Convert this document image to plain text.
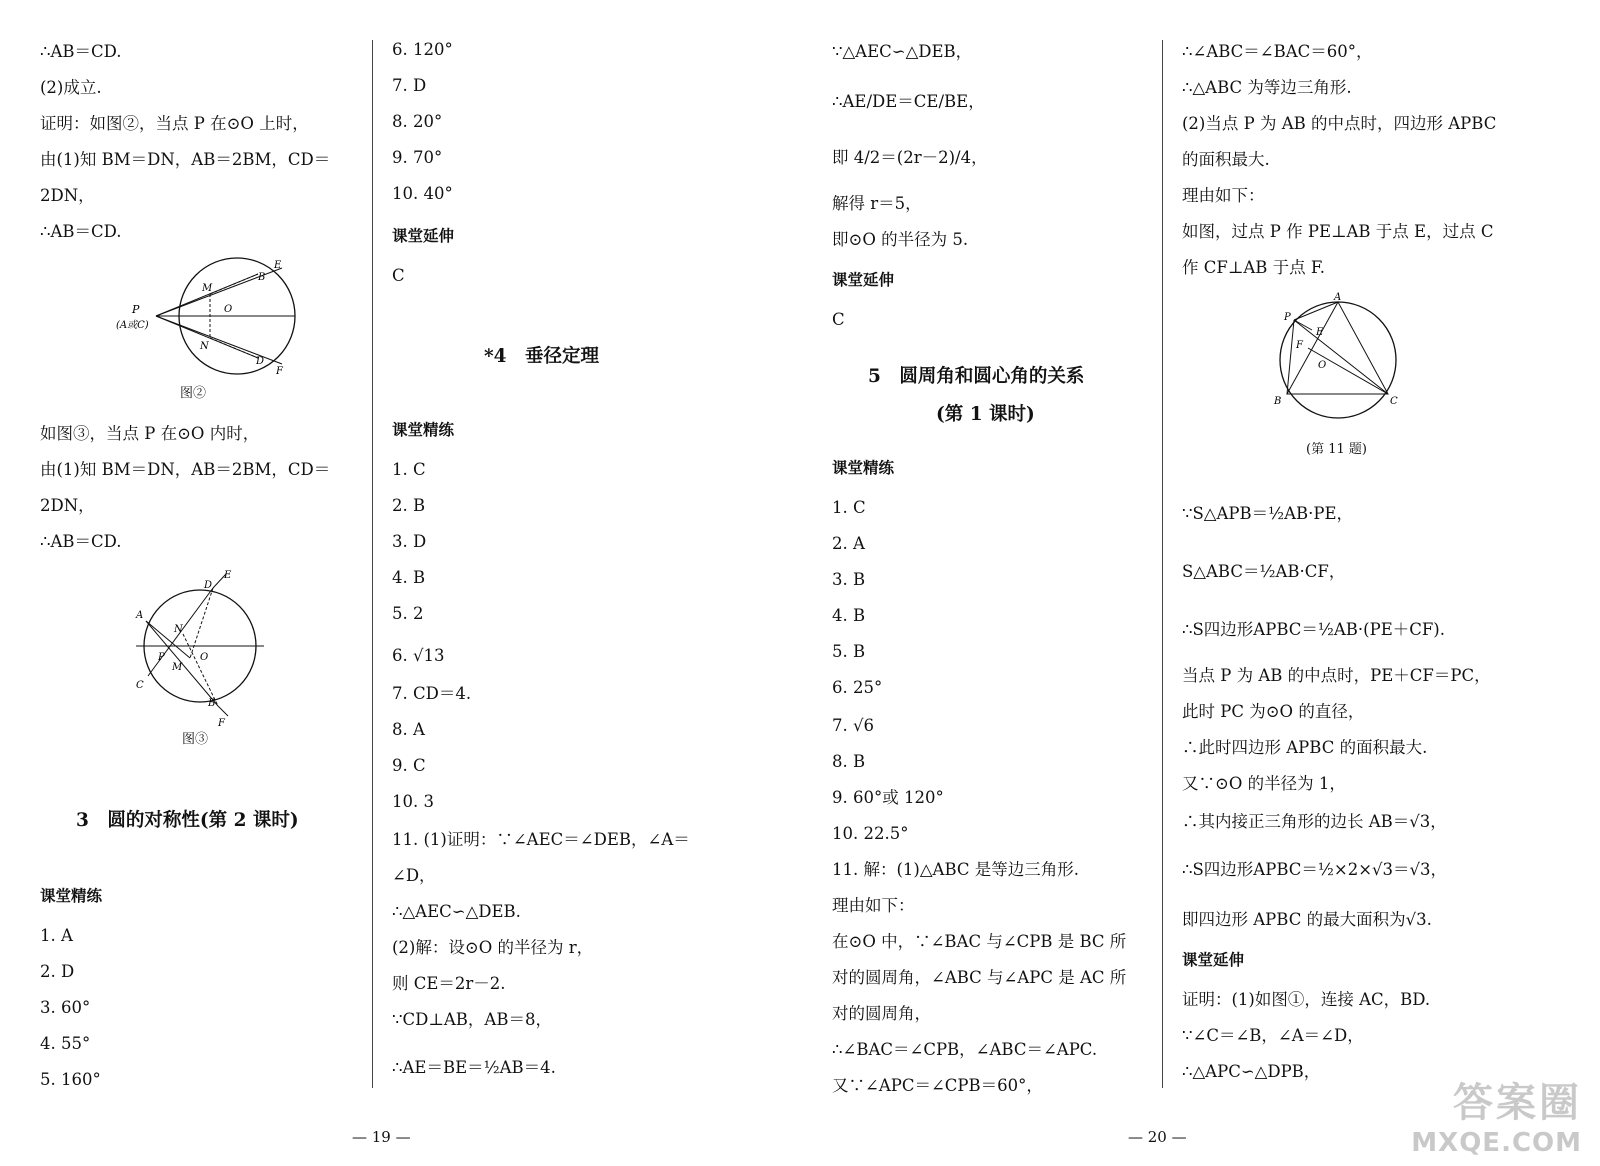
∴AB＝CD.
(2)成立.
证明：如图②，当点 P 在⊙O 上时，
由(1)知 BM＝DN，AB＝2BM，CD＝
2DN，
∴AB＝CD.
P
(A或C)
M
N
O
B
E
D
F
图②
如图③，当点 P 在⊙O 内时，
由(1)知 BM＝DN，AB＝2BM，CD＝
2DN，
∴AB＝CD.
A
N
P
M
O
C
D
E
B
F
图③
3　圆的对称性(第 2 课时)
课堂精练
1. A
2. D
3. 60°
4. 55°
5. 160°
6. 120°
7. D
8. 20°
9. 70°
10. 40°
课堂延伸
C
*4　垂径定理
课堂精练
1. C
2. B
3. D
4. B
5. 2
6. √13
7. CD＝4.
8. A
9. C
10. 3
11. (1)证明：∵∠AEC＝∠DEB，∠A＝
∠D，
∴△AEC∽△DEB.
(2)解：设⊙O 的半径为 r，
则 CE＝2r－2.
∵CD⊥AB，AB＝8，
∴AE＝BE＝½AB＝4.
∵△AEC∽△DEB，
∴AE/DE＝CE/BE，
即 4/2＝(2r－2)/4，
解得 r＝5，
即⊙O 的半径为 5.
课堂延伸
C
5　圆周角和圆心角的关系
(第 1 课时)
课堂精练
1. C
2. A
3. B
4. B
5. B
6. 25°
7. √6
8. B
9. 60°或 120°
10. 22.5°
11. 解：(1)△ABC 是等边三角形.
理由如下：
在⊙O 中，∵∠BAC 与∠CPB 是 BC 所
对的圆周角，∠ABC 与∠APC 是 AC 所
对的圆周角，
∴∠BAC＝∠CPB，∠ABC＝∠APC.
又∵∠APC＝∠CPB＝60°，
∴∠ABC＝∠BAC＝60°，
∴△ABC 为等边三角形.
(2)当点 P 为 AB 的中点时，四边形 APBC
的面积最大.
理由如下：
如图，过点 P 作 PE⊥AB 于点 E，过点 C
作 CF⊥AB 于点 F.
A
P
E
F
O
B	C
(第 11 题)
∵S△APB＝½AB·PE，
S△ABC＝½AB·CF，
∴S四边形APBC＝½AB·(PE＋CF).
当点 P 为 AB 的中点时，PE＋CF＝PC，
此时 PC 为⊙O 的直径，
∴此时四边形 APBC 的面积最大.
又∵⊙O 的半径为 1，
∴其内接正三角形的边长 AB＝√3，
∴S四边形APBC＝½×2×√3＝√3，
即四边形 APBC 的最大面积为√3.
课堂延伸
证明：(1)如图①，连接 AC，BD.
∵∠C＝∠B，∠A＝∠D，
∴△APC∽△DPB，
— 19 —	— 20 —
答案圈
MXQE.COM
